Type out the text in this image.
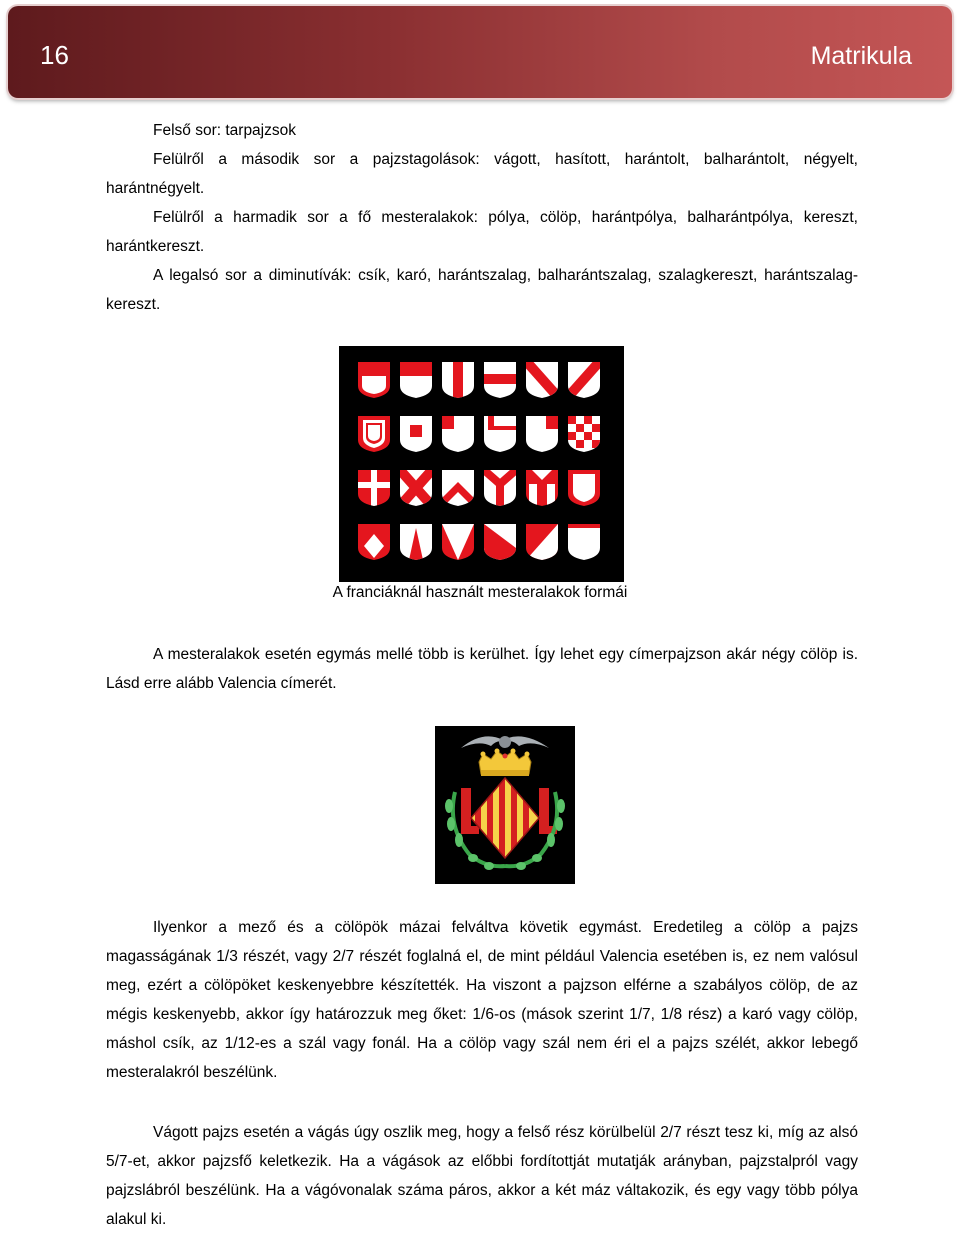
16	Matrikula

Felső sor: tarpajzsok

Felülről a második sor a pajzstagolások: vágott, hasított, harántolt, balharántolt, négyelt, harántnégyelt.

Felülről a harmadik sor a fő mesteralakok: pólya, cölöp, harántpólya, balharántpólya, kereszt, harántkereszt.

A legalsó sor a diminutívák: csík, karó, harántszalag, balharántszalag, szalagkereszt, harántszalag-kereszt.

A franciáknál használt mesteralakok formái

A mesteralakok esetén egymás mellé több is kerülhet. Így lehet egy címerpajzson akár négy cölöp is. Lásd erre alább Valencia címerét.

Ilyenkor a mező és a cölöpök mázai felváltva követik egymást. Eredetileg a cölöp a pajzs magasságának 1/3 részét, vagy 2/7 részét foglalná el, de mint például Valencia esetében is, ez nem valósul meg, ezért a cölöpöket keskenyebbre készítették. Ha viszont a pajzson elférne a szabályos cölöp, de az mégis keskenyebb, akkor így határozzuk meg őket: 1/6-os (mások szerint 1/7, 1/8 rész) a karó vagy cölöp, máshol csík, az 1/12-es a szál vagy fonál. Ha a cölöp vagy szál nem éri el a pajzs szélét, akkor lebegő mesteralakról beszélünk.

Vágott pajzs esetén a vágás úgy oszlik meg, hogy a felső rész körülbelül 2/7 részt tesz ki, míg az alsó 5/7-et, akkor pajzsfő keletkezik. Ha a vágások az előbbi fordítottját mutatják arányban, pajzstalpról vagy pajzslábról beszélünk. Ha a vágóvonalak száma páros, akkor a két máz váltakozik, és egy vagy több pólya alakul ki.
